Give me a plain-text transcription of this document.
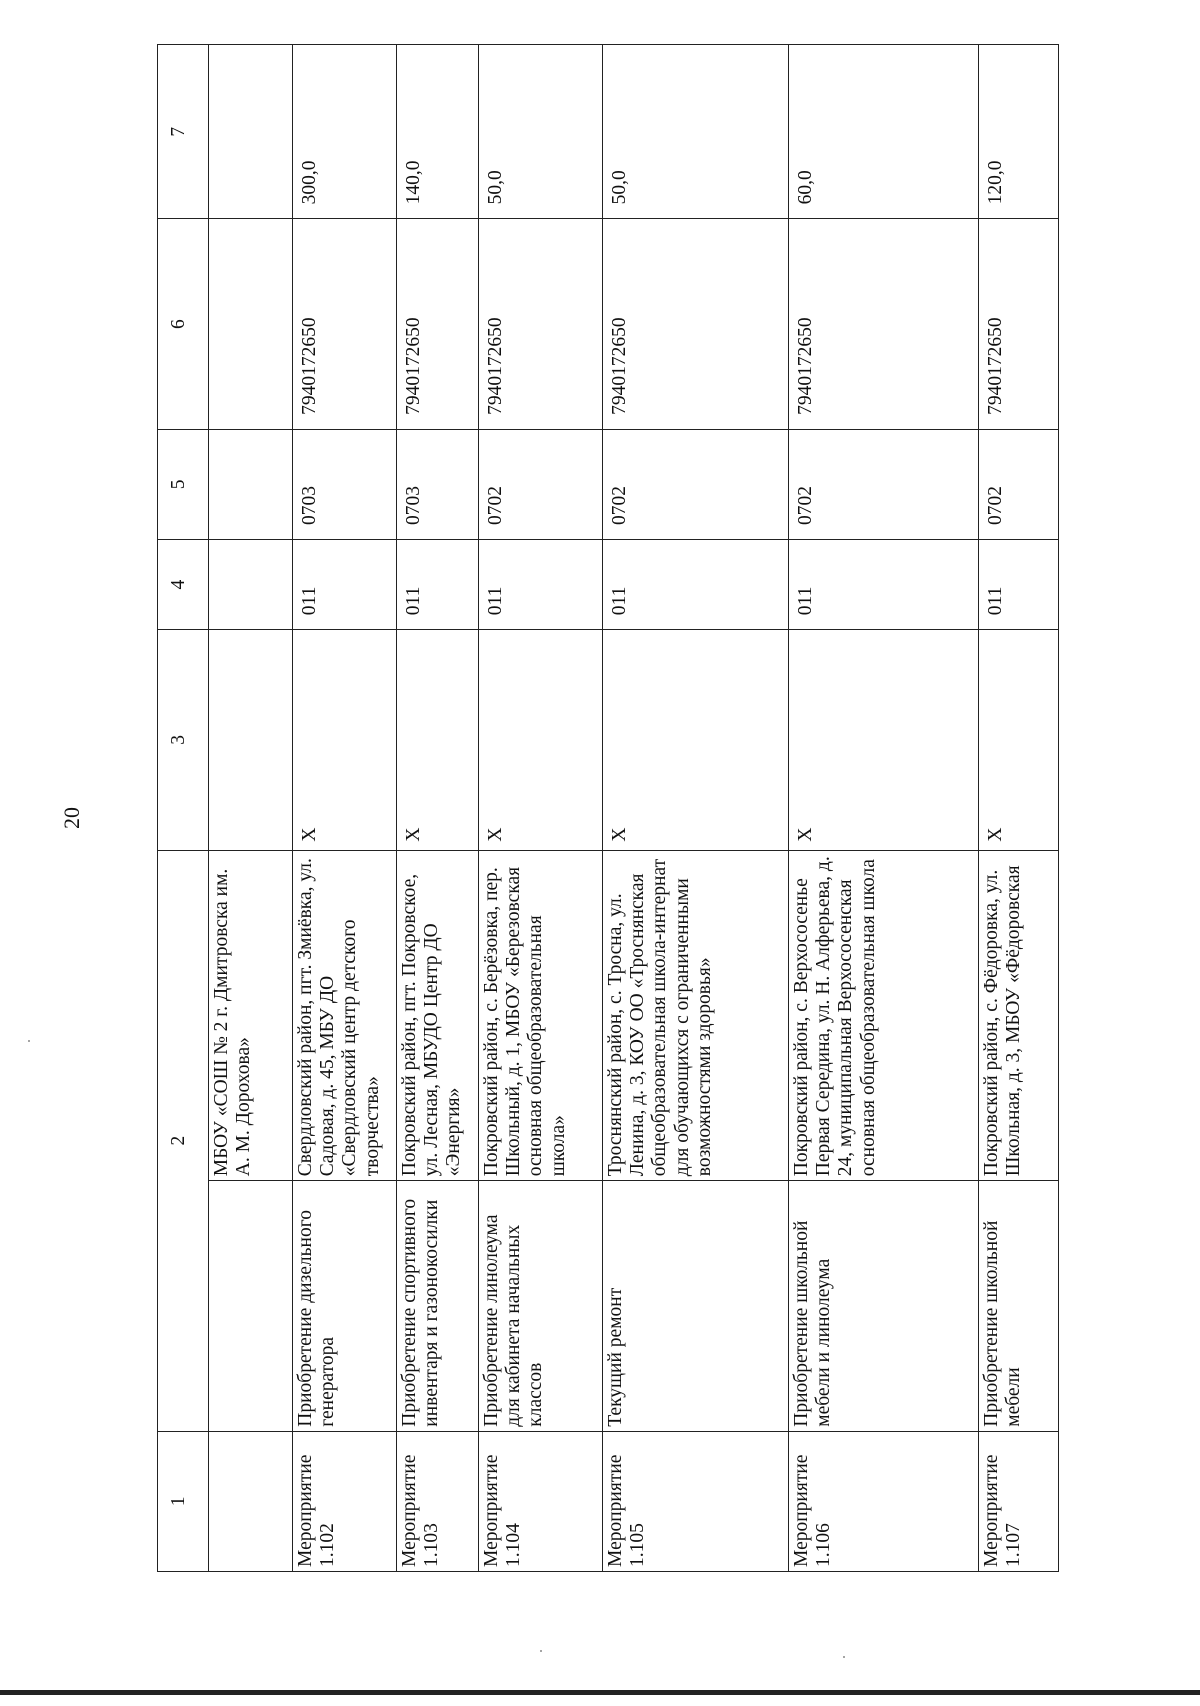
20
1	2		3	4	5	6	7
		МБОУ «СОШ № 2 г. Дмитровска им. А. М. Дорохова»					
Мероприятие 1.102	Приобретение дизельного генератора	Свердловский район, пгт. Змиёвка, ул. Садовая, д. 45, МБУ ДО «Свердловский центр детского творчества»	Х	011	0703	7940172650	300,0
Мероприятие 1.103	Приобретение спортивного инвентаря и газонокосилки	Покровский район, пгт. Покровское, ул. Лесная, МБУДО Центр ДО «Энергия»	Х	011	0703	7940172650	140,0
Мероприятие 1.104	Приобретение линолеума для кабинета начальных классов	Покровский район, с. Берёзовка, пер. Школьный, д. 1, МБОУ «Березовская основная общеобразовательная школа»	Х	011	0702	7940172650	50,0
Мероприятие 1.105	Текущий ремонт	Троснянский район, с. Тросна, ул. Ленина, д. 3, КОУ ОО «Троснянская общеобразовательная школа-интернат для обучающихся с ограниченными возможностями здоровья»	Х	011	0702	7940172650	50,0
Мероприятие 1.106	Приобретение школьной мебели и линолеума	Покровский район, с. Верхососенье Первая Середина, ул. Н. Алферьева, д. 24, муниципальная Верхососенская основная общеобразовательная школа	Х	011	0702	7940172650	60,0
Мероприятие 1.107	Приобретение школьной мебели	Покровский район, с. Фёдоровка, ул. Школьная, д. 3, МБОУ «Фёдоровская	Х	011	0702	7940172650	120,0
